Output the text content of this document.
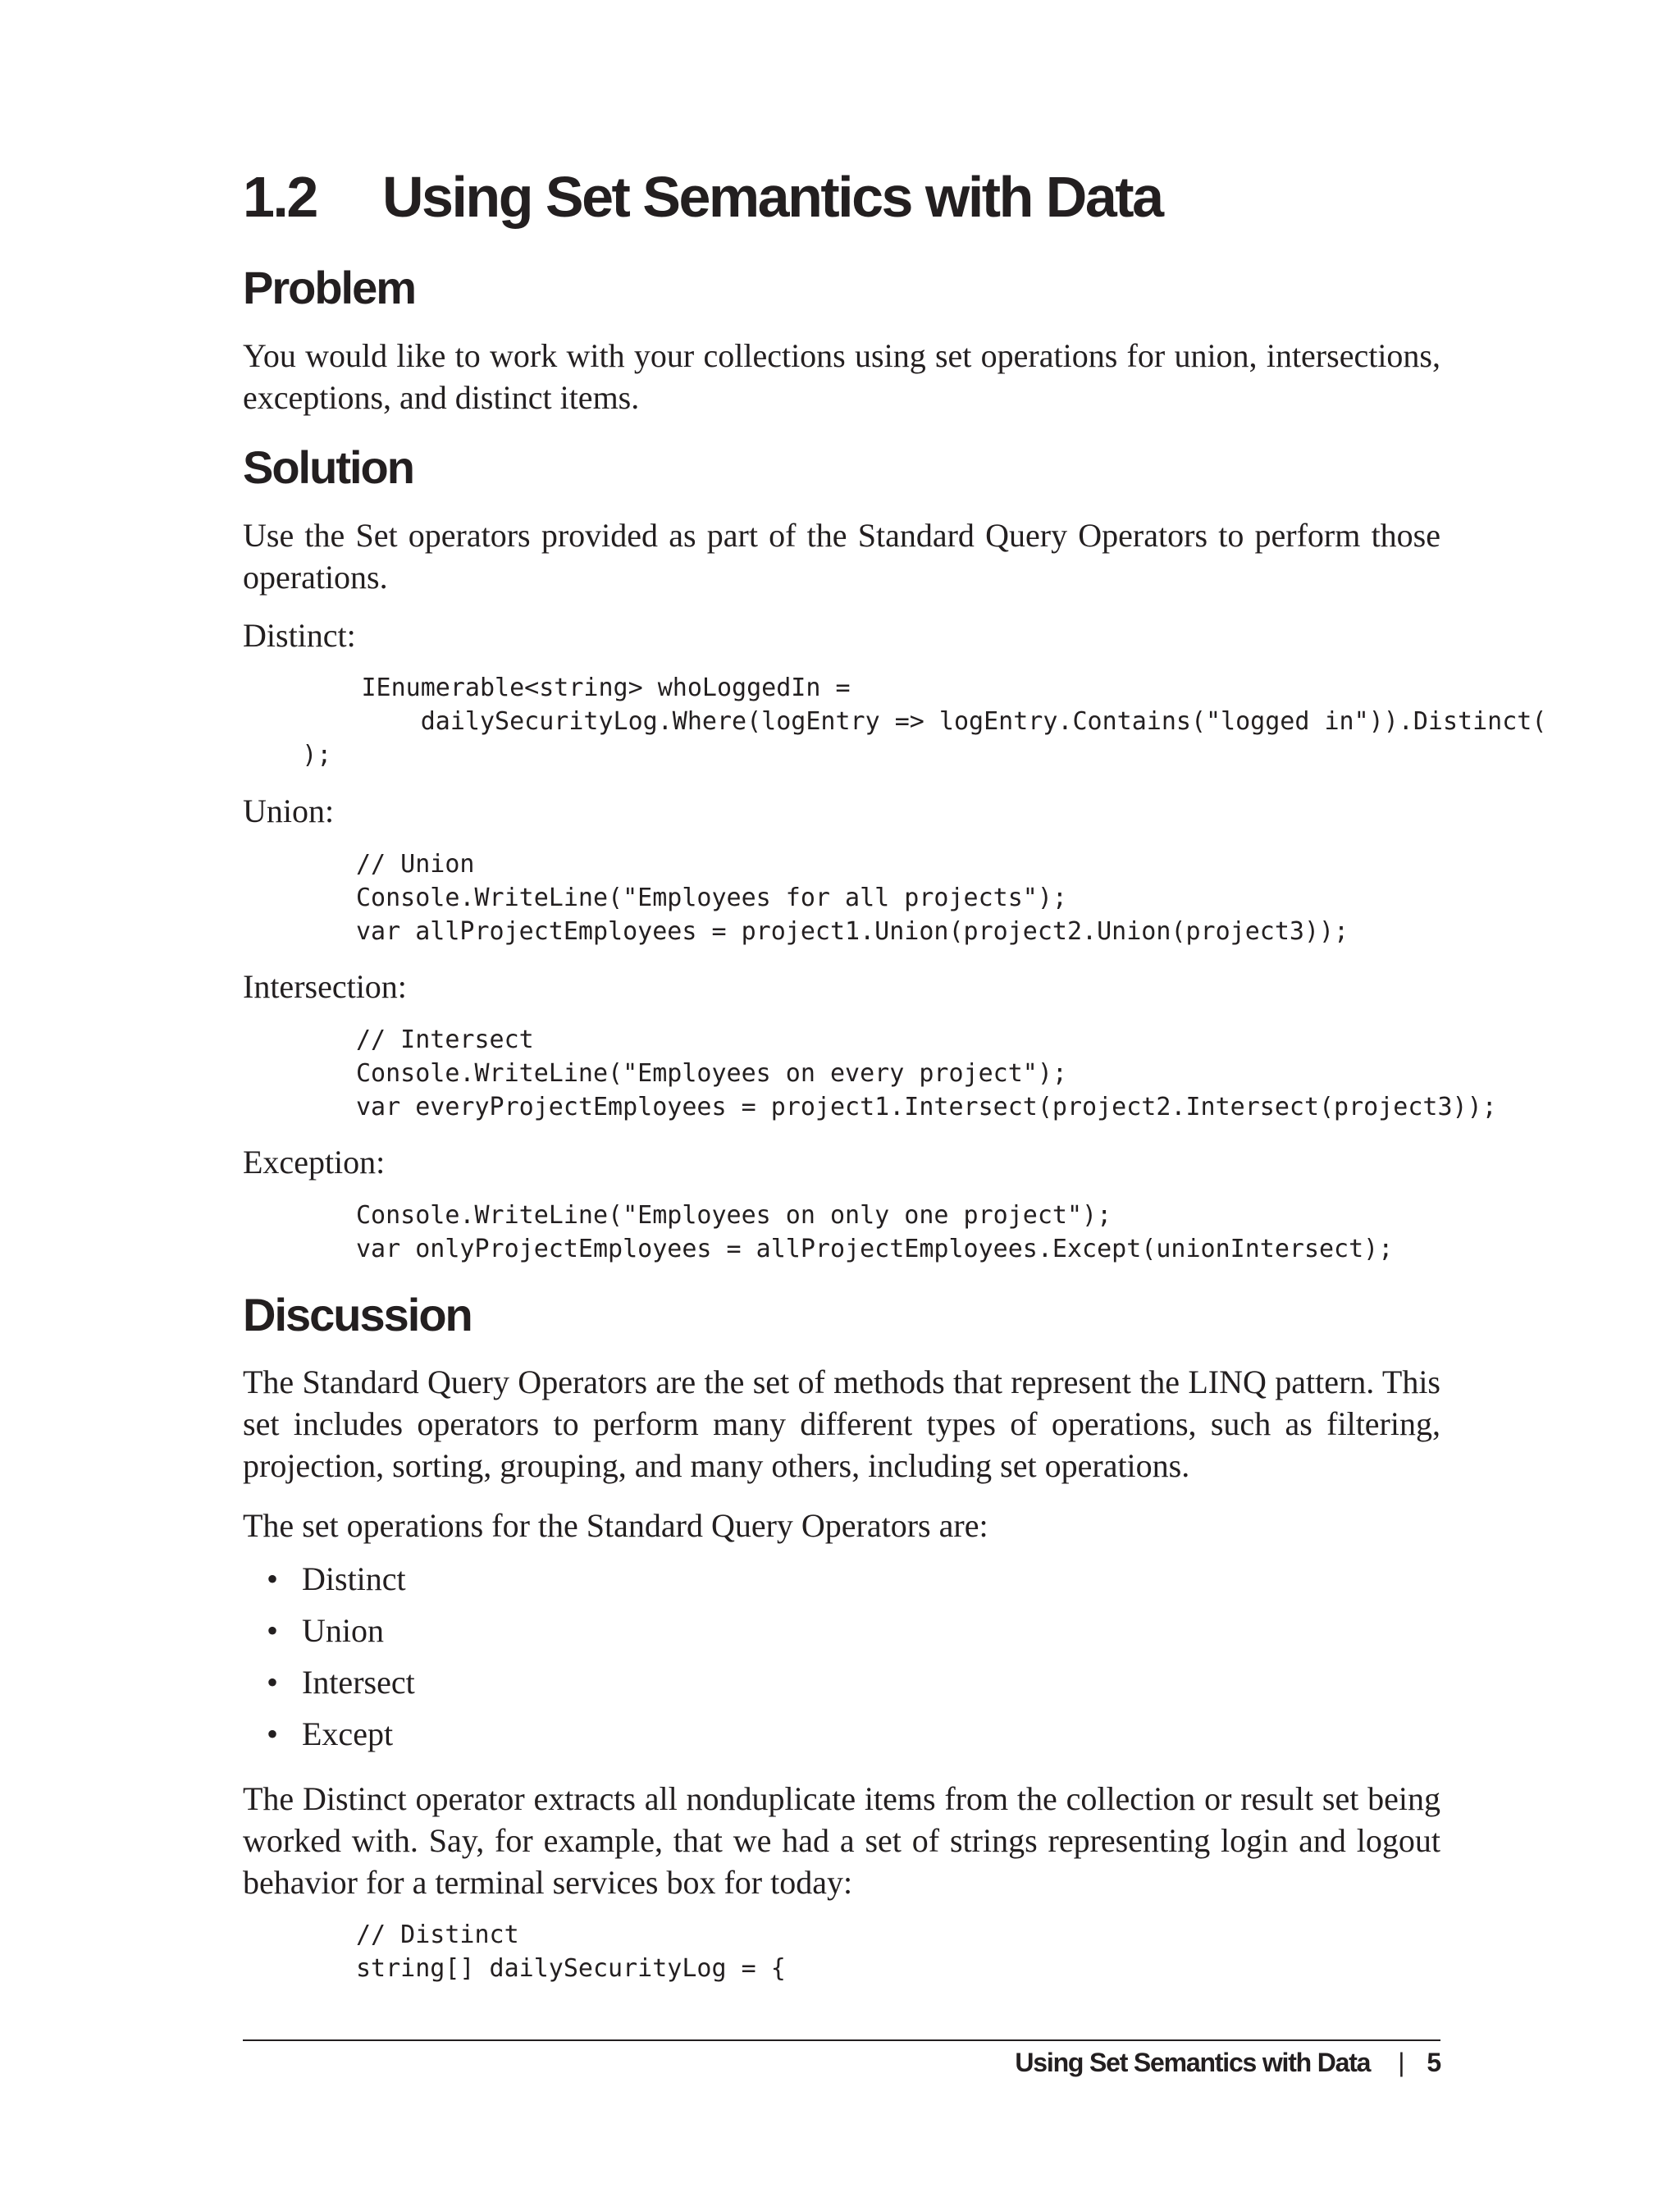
1.2 Using Set Semantics with Data
Problem

You would like to work with your collections using set operations for union, intersections, exceptions, and distinct items.

Solution

Use the Set operators provided as part of the Standard Query Operators to perform those operations.

Distinct:

IEnumerable<string> whoLoggedIn =
dailySecurityLog.Where(logEntry => logEntry.Contains("logged in")).Distinct(
);

Union:

// Union
Console.WriteLine("Employees for all projects");
var allProjectEmployees = project1.Union(project2.Union(project3));

Intersection:

// Intersect
Console.WriteLine("Employees on every project");
var everyProjectEmployees = project1.Intersect(project2.Intersect(project3));

Exception:

Console.WriteLine("Employees on only one project");
var onlyProjectEmployees = allProjectEmployees.Except(unionIntersect);
Discussion

The Standard Query Operators are the set of methods that represent the LINQ pattern. This set includes operators to perform many different types of operations, such as filtering, projection, sorting, grouping, and many others, including set operations.

The set operations for the Standard Query Operators are:

• Distinct
• Union
• Intersect
• Except

The Distinct operator extracts all nonduplicate items from the collection or result set being worked with. Say, for example, that we had a set of strings representing login and logout behavior for a terminal services box for today:

// Distinct
string[] dailySecurityLog = {
Using Set Semantics with Data | 5
